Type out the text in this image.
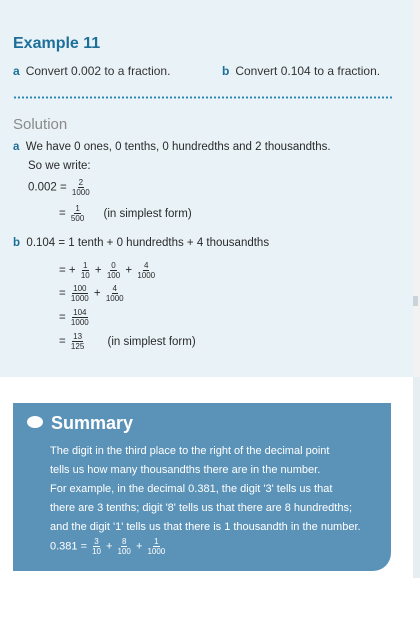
Example 11
a Convert 0.002 to a fraction.	b Convert 0.104 to a fraction.
Solution
a We have 0 ones, 0 tenths, 0 hundredths and 2 thousandths.
So we write:
$0.002 = \frac{2}{1000}$
= $\frac{1}{500} (in$ simplest form)
b 0.104 = 1 tenth + 0 hundredths + 4 thousandths
= + $\frac{1}{10} + \frac{0}{100} + \frac{4}{1000}$
= $\frac{100}{1000} + \frac{4}{1000}$
= $\frac{104}{1000}$
= $\frac{13}{125} (in$ simplest form)
Summary
The digit in the third place to the right of the decimal point
tells us how many thousandths there are in the number.
For example, in the decimal 0.381, the digit '3' tells us that
there are 3 tenths; digit '8' tells us that there are 8 hundredths;
and the digit '1' tells us that there is 1 thousandth in the number.
$0.381 = \frac{3}{10} + \frac{8}{100} + \frac{1}{1000}$
